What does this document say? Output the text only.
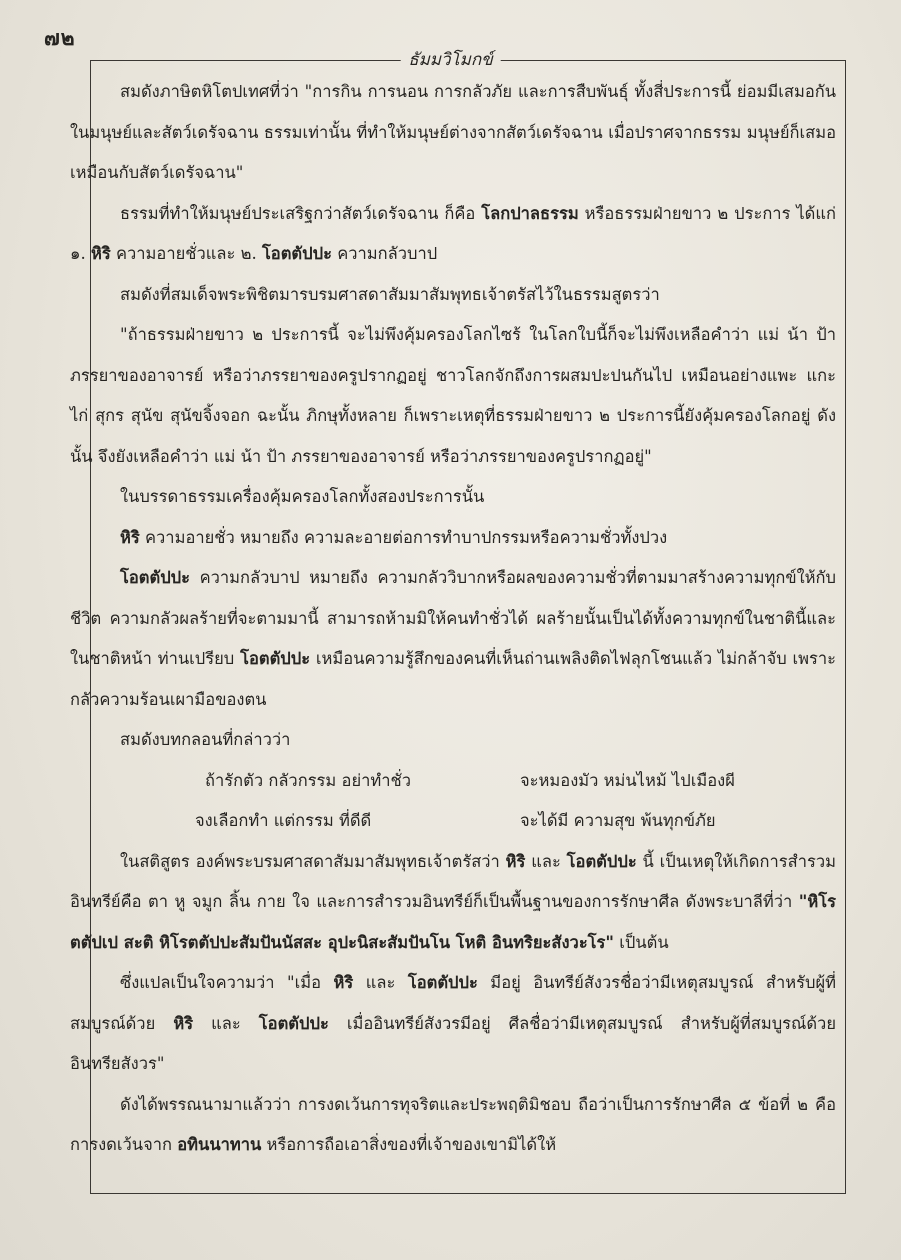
๗๒
ธัมมวิโมกข์

สมดังภาษิตหิโตปเทศที่ว่า "การกิน การนอน การกลัวภัย และการสืบพันธุ์ ทั้งสี่ประการนี้ ย่อมมีเสมอกันในมนุษย์และสัตว์เดรัจฉาน ธรรมเท่านั้น ที่ทำให้มนุษย์ต่างจากสัตว์เดรัจฉาน เมื่อปราศจากธรรม มนุษย์ก็เสมอเหมือนกับสัตว์เดรัจฉาน"

ธรรมที่ทำให้มนุษย์ประเสริฐกว่าสัตว์เดรัจฉาน ก็คือ โลกปาลธรรม หรือธรรมฝ่ายขาว ๒ ประการ ได้แก่ ๑. หิริ ความอายชั่วและ ๒. โอตตัปปะ ความกลัวบาป

สมดังที่สมเด็จพระพิชิตมารบรมศาสดาสัมมาสัมพุทธเจ้าตรัสไว้ในธรรมสูตรว่า

"ถ้าธรรมฝ่ายขาว ๒ ประการนี้ จะไม่พึงคุ้มครองโลกไซร้ ในโลกใบนี้ก็จะไม่พึงเหลือคำว่า แม่ น้า ป้า ภรรยาของอาจารย์ หรือว่าภรรยาของครูปรากฏอยู่ ชาวโลกจักถึงการผสมปะปนกันไป เหมือนอย่างแพะ แกะ ไก่ สุกร สุนัข สุนัขจิ้งจอก ฉะนั้น ภิกษุทั้งหลาย ก็เพราะเหตุที่ธรรมฝ่ายขาว ๒ ประการนี้ยังคุ้มครองโลกอยู่ ดังนั้น จึงยังเหลือคำว่า แม่ น้า ป้า ภรรยาของอาจารย์ หรือว่าภรรยาของครูปรากฏอยู่"

ในบรรดาธรรมเครื่องคุ้มครองโลกทั้งสองประการนั้น

หิริ ความอายชั่ว หมายถึง ความละอายต่อการทำบาปกรรมหรือความชั่วทั้งปวง

โอตตัปปะ ความกลัวบาป หมายถึง ความกลัววิบากหรือผลของความชั่วที่ตามมาสร้างความทุกข์ให้กับชีวิต ความกลัวผลร้ายที่จะตามมานี้ สามารถห้ามมิให้คนทำชั่วได้ ผลร้ายนั้นเป็นได้ทั้งความทุกข์ในชาตินี้และในชาติหน้า ท่านเปรียบ โอตตัปปะ เหมือนความรู้สึกของคนที่เห็นถ่านเพลิงติดไฟลุกโชนแล้ว ไม่กล้าจับ เพราะกลัวความร้อนเผามือของตน

สมดังบทกลอนที่กล่าวว่า

ถ้ารักตัว กลัวกรรม อย่าทำชั่ว	จะหมองมัว หม่นไหม้ ไปเมืองผี
จงเลือกทำ แต่กรรม ที่ดีดี	จะได้มี ความสุข พ้นทุกข์ภัย

ในสติสูตร องค์พระบรมศาสดาสัมมาสัมพุทธเจ้าตรัสว่า หิริ และ โอตตัปปะ นี้ เป็นเหตุให้เกิดการสำรวมอินทรีย์คือ ตา หู จมูก ลิ้น กาย ใจ และการสำรวมอินทรีย์ก็เป็นพื้นฐานของการรักษาศีล ดังพระบาลีที่ว่า "หิโรตตัปเป สะติ หิโรตตัปปะสัมปันนัสสะ อุปะนิสะสัมปันโน โหติ อินทริยะสังวะโร" เป็นต้น

ซึ่งแปลเป็นใจความว่า "เมื่อ หิริ และ โอตตัปปะ มีอยู่ อินทรีย์สังวรชื่อว่ามีเหตุสมบูรณ์ สำหรับผู้ที่สมบูรณ์ด้วย หิริ และ โอตตัปปะ เมื่ออินทรีย์สังวรมีอยู่ ศีลชื่อว่ามีเหตุสมบูรณ์ สำหรับผู้ที่สมบูรณ์ด้วยอินทรียสังวร"

ดังได้พรรณนามาแล้วว่า การงดเว้นการทุจริตและประพฤติมิชอบ ถือว่าเป็นการรักษาศีล ๕ ข้อที่ ๒ คือการงดเว้นจาก อทินนาทาน หรือการถือเอาสิ่งของที่เจ้าของเขามิได้ให้
